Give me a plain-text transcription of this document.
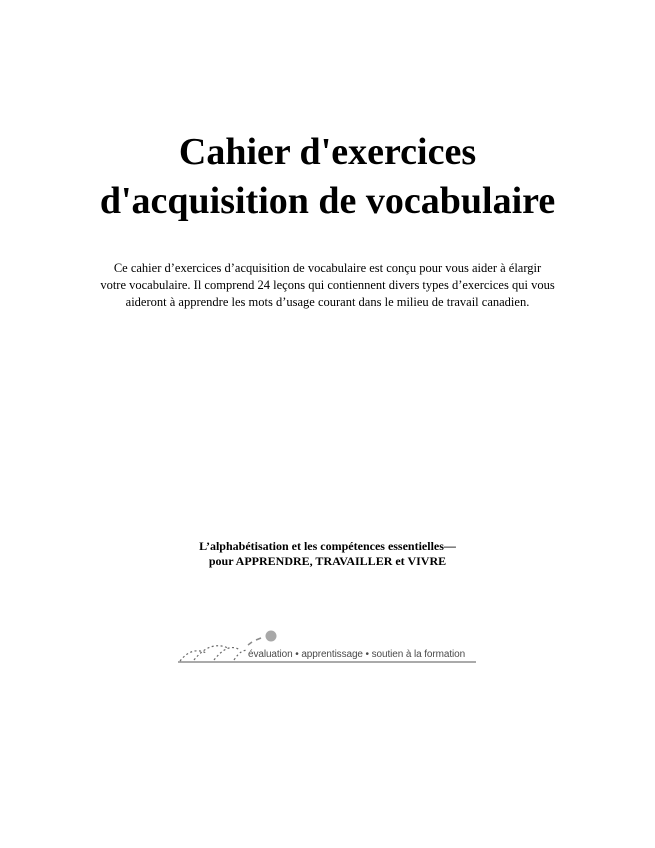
Cahier d'exercices
d'acquisition de vocabulaire

Ce cahier d’exercices d’acquisition de vocabulaire est conçu pour vous aider à élargir votre vocabulaire. Il comprend 24 leçons qui contiennent divers types d’exercices qui vous aideront à apprendre les mots d’usage courant dans le milieu de travail canadien.

L’alphabétisation et les compétences essentielles—
pour APPRENDRE, TRAVAILLER et VIVRE
évaluation • apprentissage • soutien à la formation
